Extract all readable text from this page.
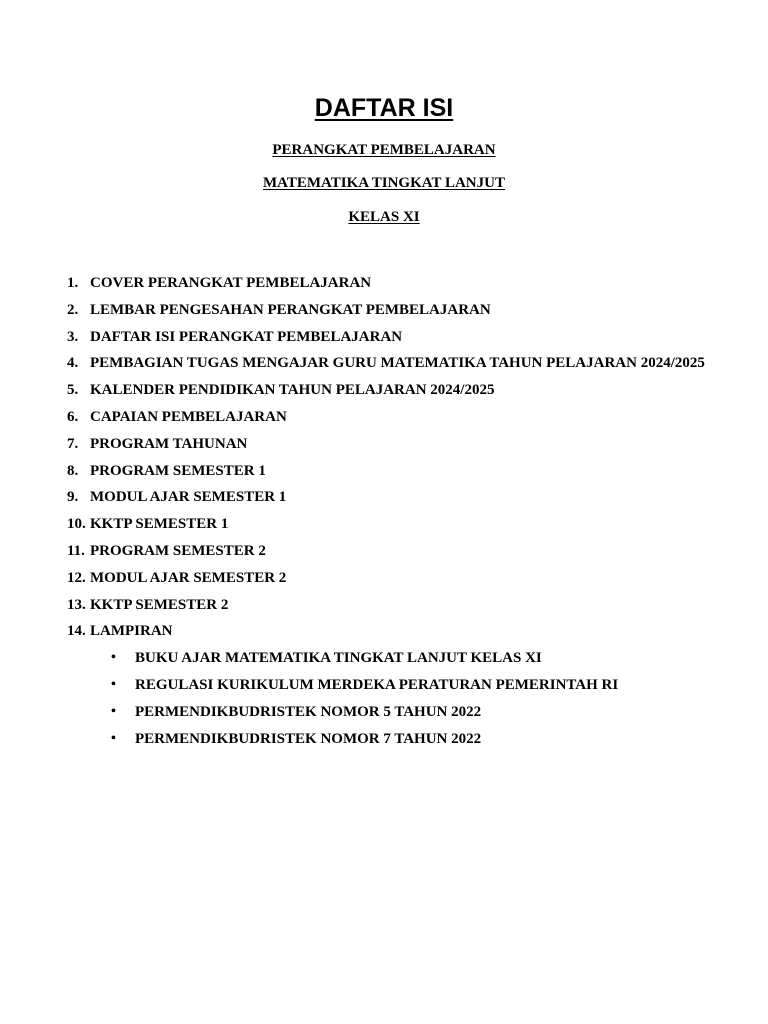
DAFTAR ISI
PERANGKAT PEMBELAJARAN
MATEMATIKA TINGKAT LANJUT
KELAS XI
1. COVER PERANGKAT PEMBELAJARAN
2. LEMBAR PENGESAHAN PERANGKAT PEMBELAJARAN
3. DAFTAR ISI PERANGKAT PEMBELAJARAN
4. PEMBAGIAN TUGAS MENGAJAR GURU MATEMATIKA TAHUN PELAJARAN 2024/2025
5. KALENDER PENDIDIKAN TAHUN PELAJARAN 2024/2025
6. CAPAIAN PEMBELAJARAN
7. PROGRAM TAHUNAN
8. PROGRAM SEMESTER 1
9. MODUL AJAR SEMESTER 1
10. KKTP SEMESTER 1
11. PROGRAM SEMESTER 2
12. MODUL AJAR SEMESTER 2
13. KKTP SEMESTER 2
14. LAMPIRAN
• BUKU AJAR MATEMATIKA TINGKAT LANJUT KELAS XI
• REGULASI KURIKULUM MERDEKA PERATURAN PEMERINTAH RI
• PERMENDIKBUDRISTEK NOMOR 5 TAHUN 2022
• PERMENDIKBUDRISTEK NOMOR 7 TAHUN 2022
